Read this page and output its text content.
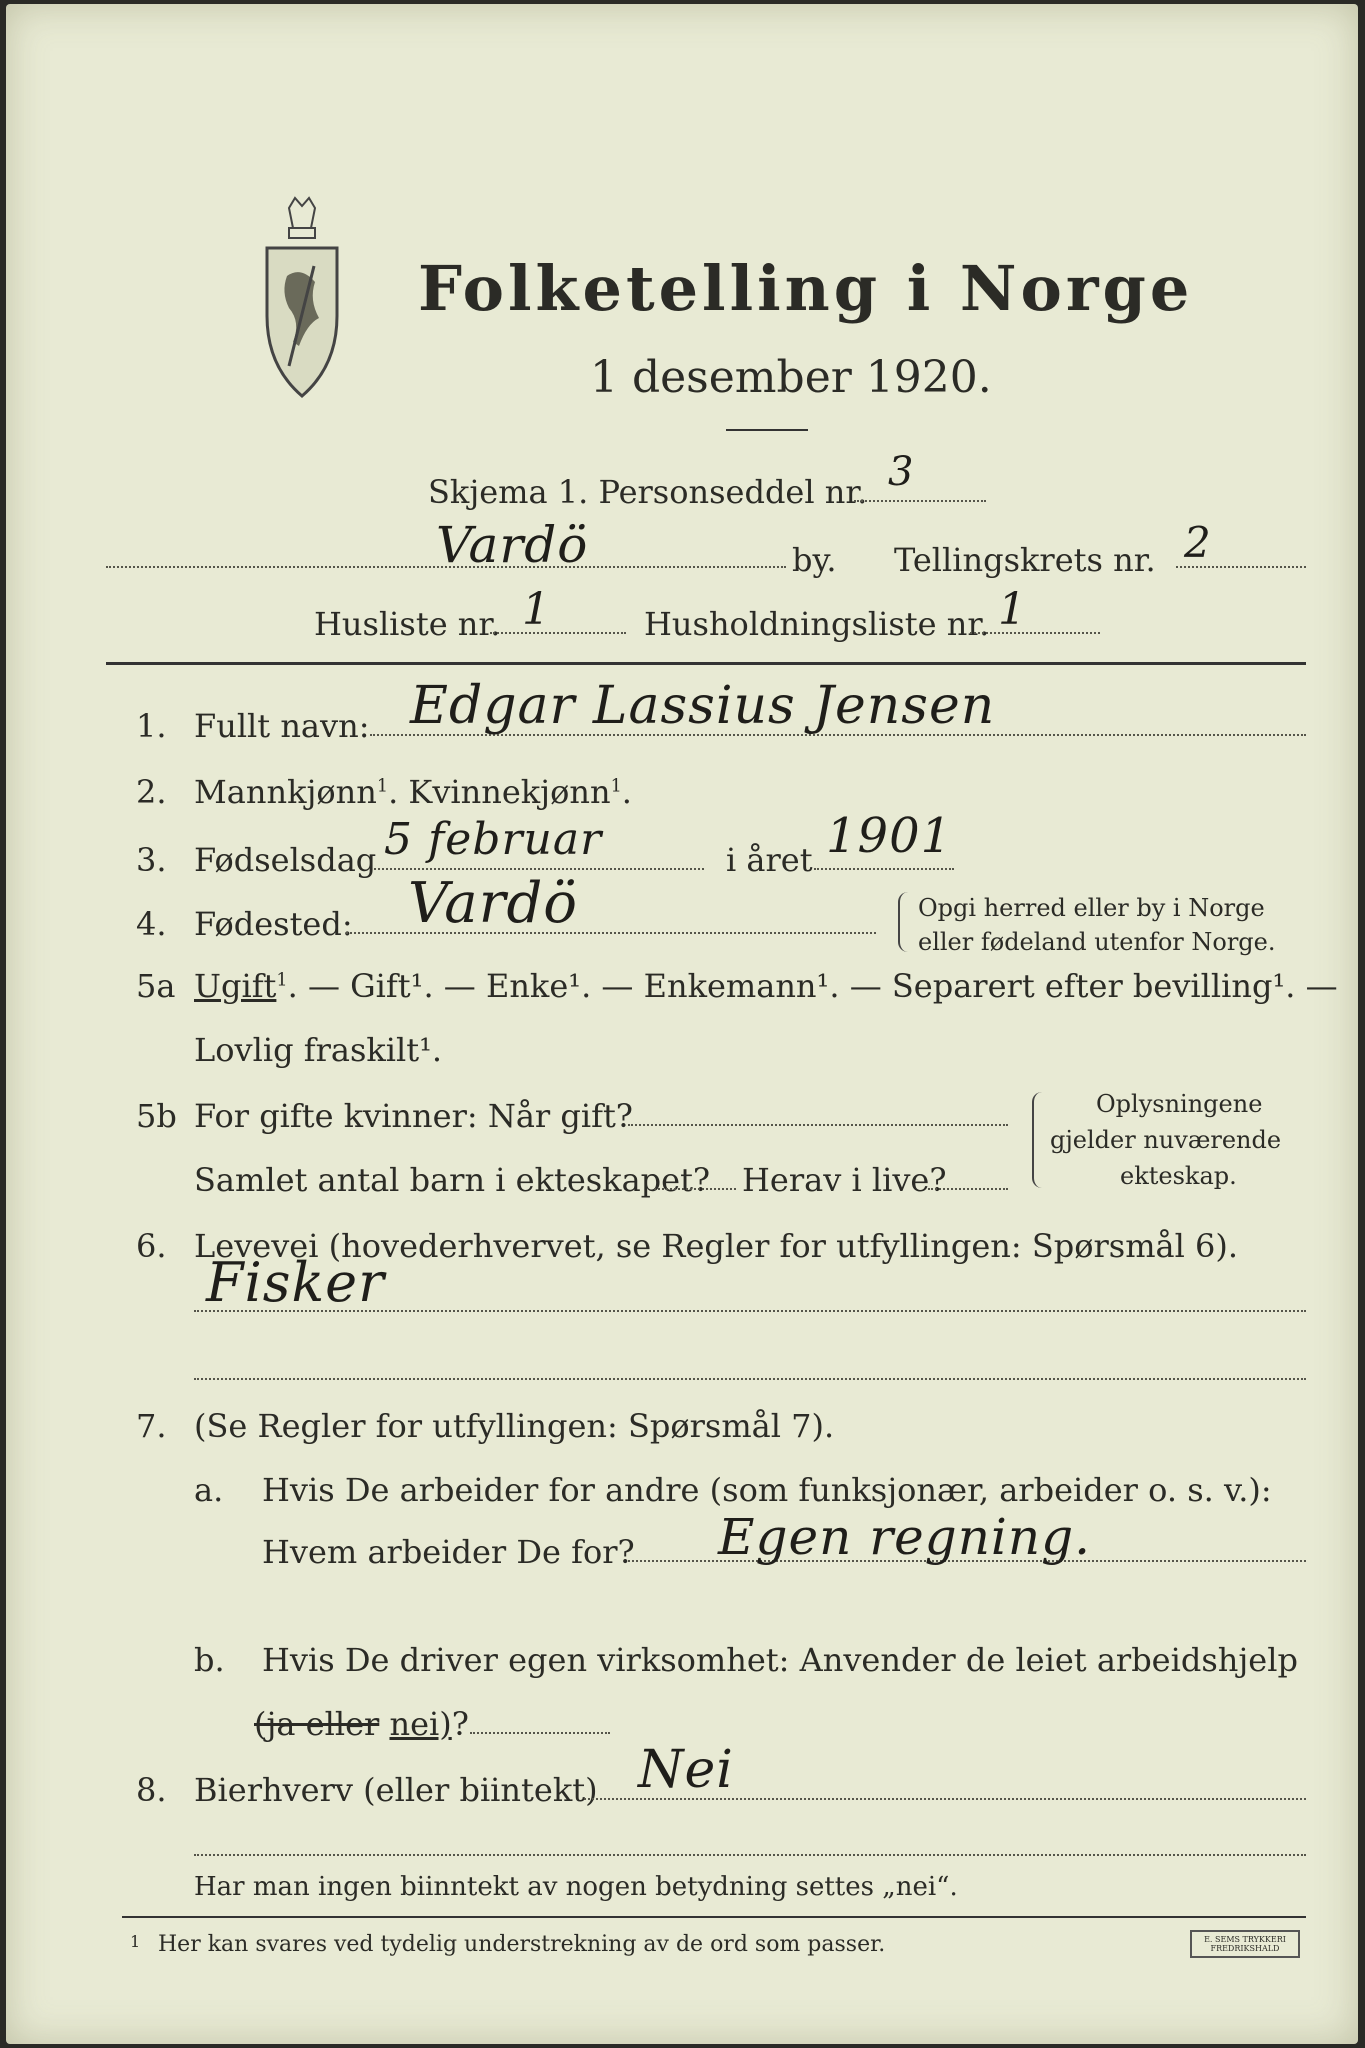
Folketelling i Norge
1 desember 1920.
Skjema 1. Personseddel nr. 3
Vardö	by. Tellingskrets nr. 2
Husliste nr. 1	Husholdningsliste nr. 1
1. Fullt navn: Edgar Lassius Jensen
2. Mannkjønn$^1$. Kvinnekjønn$^1$.
3. Fødselsdag 5 februar	i året 1901
4. Fødested: Vardö	Opgi herred eller by i Norge
eller fødeland utenfor Norge.
5a Ugift$^1$. — Gift¹. — Enke¹. — Enkemann¹. — Separert efter bevilling¹. —
Lovlig fraskilt¹.
5b For gifte kvinner: Når gift?
Samlet antal barn i ekteskapet? Herav i live?
Oplysningene
gjelder nuværende
ekteskap.
6. Levevei (hovederhvervet, se Regler for utfyllingen: Spørsmål 6).
Fisker
7. (Se Regler for utfyllingen: Spørsmål 7).
a. Hvis De arbeider for andre (som funksjonær, arbeider o. s. v.):
Hvem arbeider De for? Egen regning.
b. Hvis De driver egen virksomhet: Anvender de leiet arbeidshjelp
(ja eller nei)?
8. Bierhverv (eller biintekt) Nei
Har man ingen biinntekt av nogen betydning settes „nei“.
1 Her kan svares ved tydelig understrekning av de ord som passer.	E. SEMS TRYKKERI
FREDRIKSHALD
